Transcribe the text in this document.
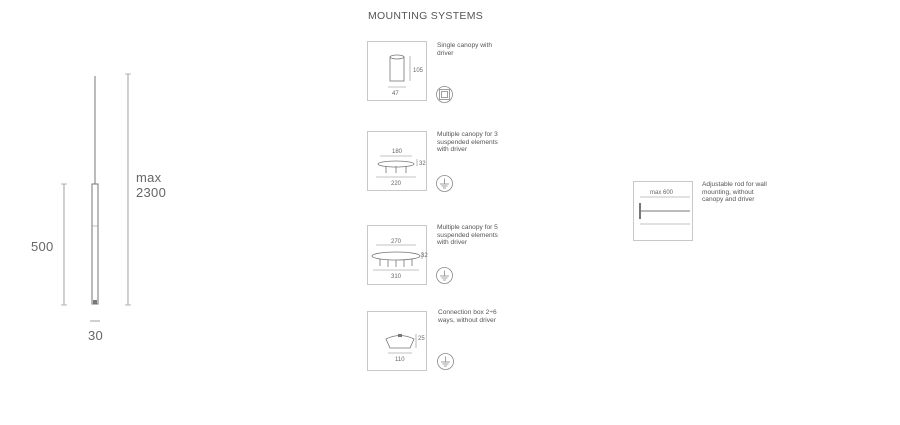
500
max
2300
30
MOUNTING SYSTEMS
105
47
Single canopy with driver
180
32
220
Multiple canopy for 3 suspended elements with driver
270
32
310
Multiple canopy for 5 suspended elements with driver
25
110
Connection box 2÷6 ways, without driver
max 600
Adjustable rod for wall mounting, without canopy and driver
